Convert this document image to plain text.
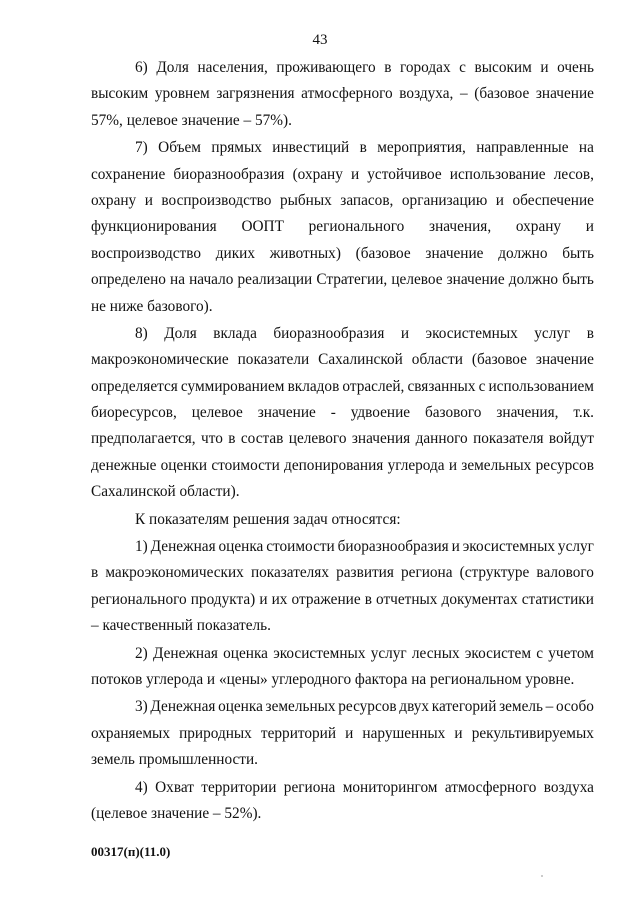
43
6) Доля населения, проживающего в городах с высоким и очень
высоким уровнем загрязнения атмосферного воздуха, – (базовое значение
57%, целевое значение – 57%).
7) Объем прямых инвестиций в мероприятия, направленные на
сохранение биоразнообразия (охрану и устойчивое использование лесов,
охрану и воспроизводство рыбных запасов, организацию и обеспечение
функционирования ООПТ регионального значения, охрану и
воспроизводство диких животных) (базовое значение должно быть
определено на начало реализации Стратегии, целевое значение должно быть
не ниже базового).
8) Доля вклада биоразнообразия и экосистемных услуг в
макроэкономические показатели Сахалинской области (базовое значение
определяется суммированием вкладов отраслей, связанных с использованием
биоресурсов, целевое значение - удвоение базового значения, т.к.
предполагается, что в состав целевого значения данного показателя войдут
денежные оценки стоимости депонирования углерода и земельных ресурсов
Сахалинской области).
К показателям решения задач относятся:
1) Денежная оценка стоимости биоразнообразия и экосистемных услуг
в макроэкономических показателях развития региона (структуре валового
регионального продукта) и их отражение в отчетных документах статистики
– качественный показатель.
2) Денежная оценка экосистемных услуг лесных экосистем с учетом
потоков углерода и «цены» углеродного фактора на региональном уровне.
3) Денежная оценка земельных ресурсов двух категорий земель – особо
охраняемых природных территорий и нарушенных и рекультивируемых
земель промышленности.
4) Охват территории региона мониторингом атмосферного воздуха
(целевое значение – 52%).
00317(п)(11.0)
